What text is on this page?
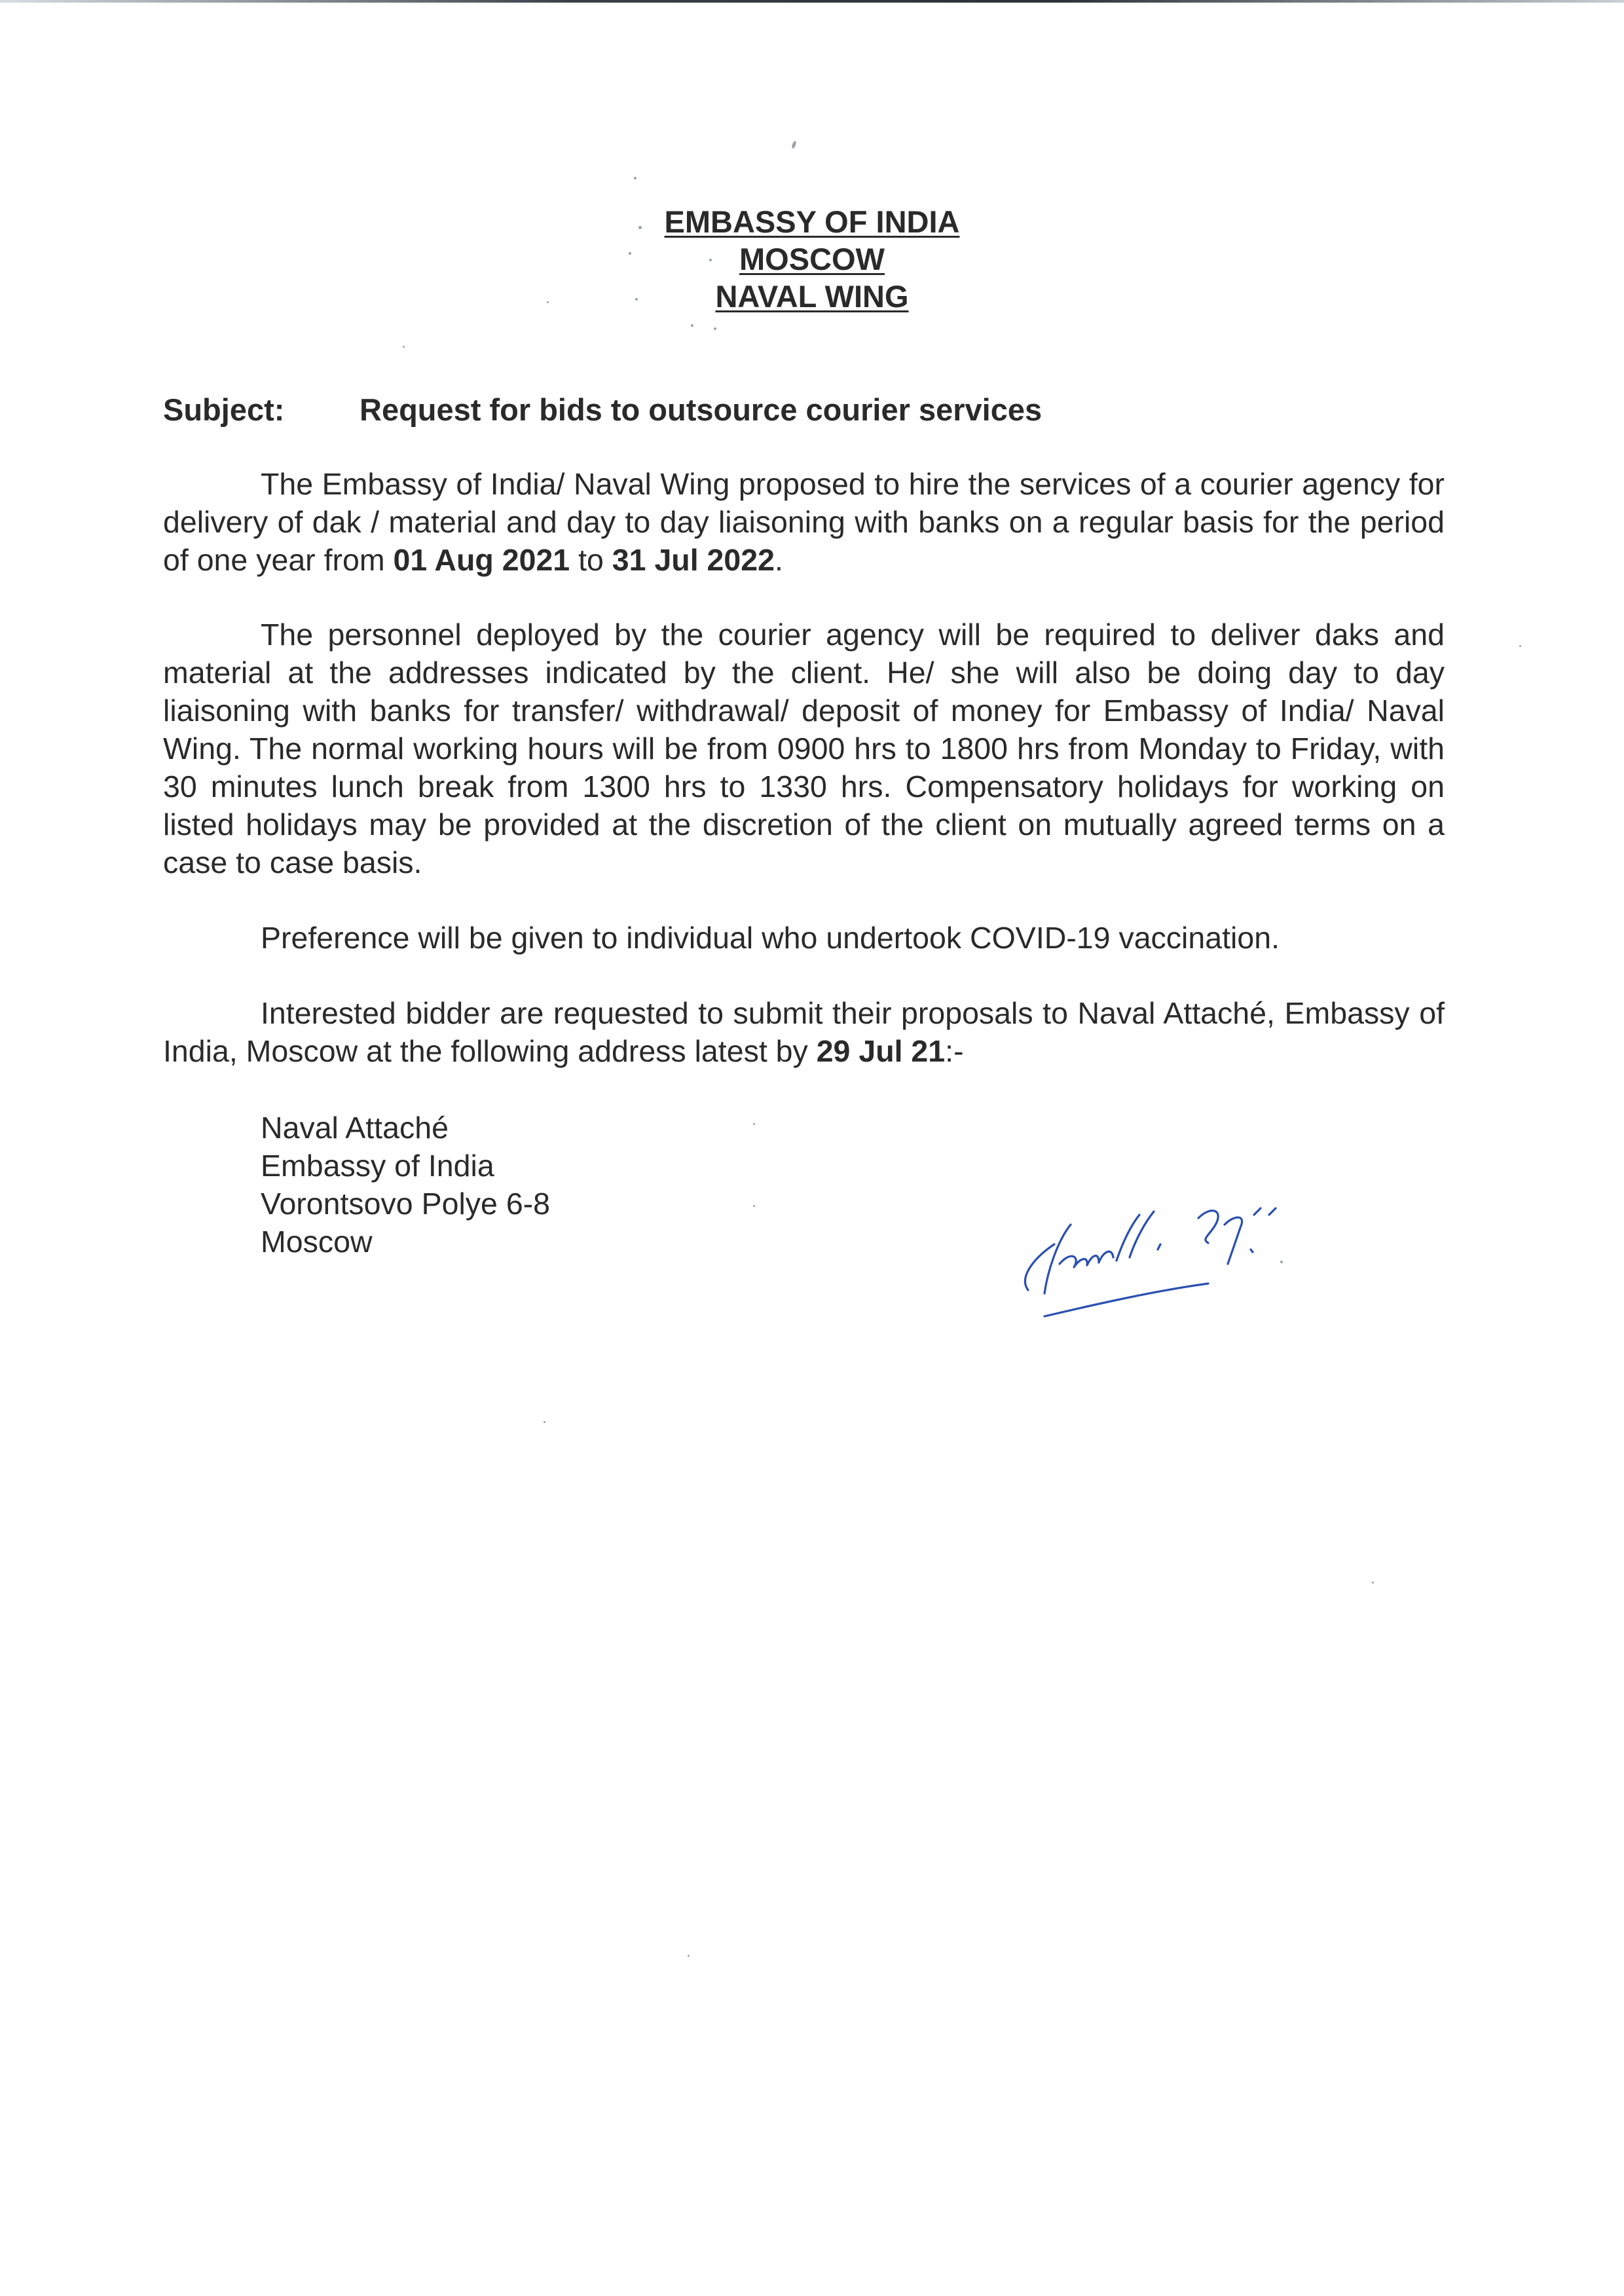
EMBASSY OF INDIA
MOSCOW
NAVAL WING
Subject: Request for bids to outsource courier services

The Embassy of India/ Naval Wing proposed to hire the services of a courier agency for delivery of dak / material and day to day liaisoning with banks on a regular basis for the period of one year from 01 Aug 2021 to 31 Jul 2022.

The personnel deployed by the courier agency will be required to deliver daks and material at the addresses indicated by the client. He/ she will also be doing day to day liaisoning with banks for transfer/ withdrawal/ deposit of money for Embassy of India/ Naval Wing. The normal working hours will be from 0900 hrs to 1800 hrs from Monday to Friday, with 30 minutes lunch break from 1300 hrs to 1330 hrs. Compensatory holidays for working on listed holidays may be provided at the discretion of the client on mutually agreed terms on a case to case basis.

Preference will be given to individual who undertook COVID-19 vaccination.

Interested bidder are requested to submit their proposals to Naval Attaché, Embassy of India, Moscow at the following address latest by 29 Jul 21:-

Naval Attaché
Embassy of India
Vorontsovo Polye 6-8
Moscow
